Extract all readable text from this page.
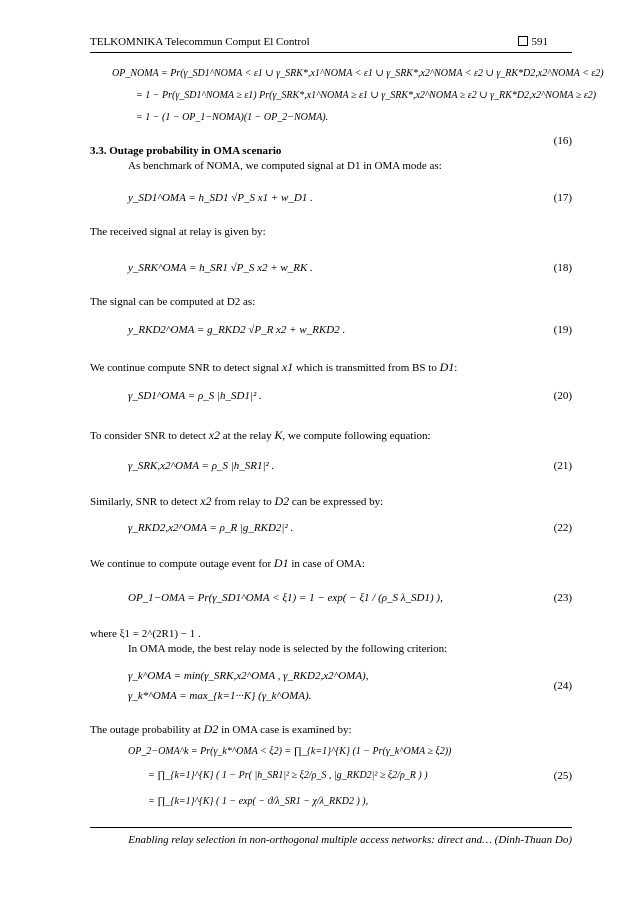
TELKOMNIKA Telecommun Comput El Control	591
OP_NOMA = Pr(γ_SD1^NOMA < ε1 ∪ γ_SRK*,x1^NOMA < ε1 ∪ γ_SRK*,x2^NOMA < ε2 ∪ γ_RK*D2,x2^NOMA < ε2)
= 1 − Pr(γ_SD1^NOMA ≥ ε1) Pr(γ_SRK*,x1^NOMA ≥ ε1 ∪ γ_SRK*,x2^NOMA ≥ ε2 ∪ γ_RK*D2,x2^NOMA ≥ ε2)
= 1 − (1 − OP_1−NOMA)(1 − OP_2−NOMA).
(16)
3.3. Outage probability in OMA scenario
As benchmark of NOMA, we computed signal at D1 in OMA mode as:
y_SD1^OMA = h_SD1 √P_S x1 + w_D1 .	(17)
The received signal at relay is given by:
y_SRK^OMA = h_SR1 √P_S x2 + w_RK .	(18)
The signal can be computed at D2 as:
y_RKD2^OMA = g_RKD2 √P_R x2 + w_RKD2 .	(19)
We continue compute SNR to detect signal x1 which is transmitted from BS to D1:
γ_SD1^OMA = ρ_S |h_SD1|² .	(20)
To consider SNR to detect x2 at the relay K, we compute following equation:
γ_SRK,x2^OMA = ρ_S |h_SR1|² .	(21)
Similarly, SNR to detect x2 from relay to D2 can be expressed by:
γ_RKD2,x2^OMA = ρ_R |g_RKD2|² .	(22)
We continue to compute outage event for D1 in case of OMA:
OP_1−OMA = Pr(γ_SD1^OMA < ξ1) = 1 − exp( − ξ1 / (ρ_S λ_SD1) ),	(23)
where ξ1 = 2^(2R1) − 1 .
In OMA mode, the best relay node is selected by the following criterion:
γ_k^OMA = min(γ_SRK,x2^OMA , γ_RKD2,x2^OMA),
γ_k*^OMA = max_{k=1···K} (γ_k^OMA).
(24)
The outage probability at D2 in OMA case is examined by:
OP_2−OMA^k = Pr(γ_k*^OMA < ξ2) = ∏_{k=1}^{K} (1 − Pr(γ_k^OMA ≥ ξ2))
= ∏_{k=1}^{K} ( 1 − Pr( |h_SR1|² ≥ ξ2/ρ_S , |g_RKD2|² ≥ ξ2/ρ_R ) )
= ∏_{k=1}^{K} ( 1 − exp( − ϑ/λ_SR1 − χ/λ_RKD2 ) ),
(25)
Enabling relay selection in non-orthogonal multiple access networks: direct and… (Dinh-Thuan Do)
